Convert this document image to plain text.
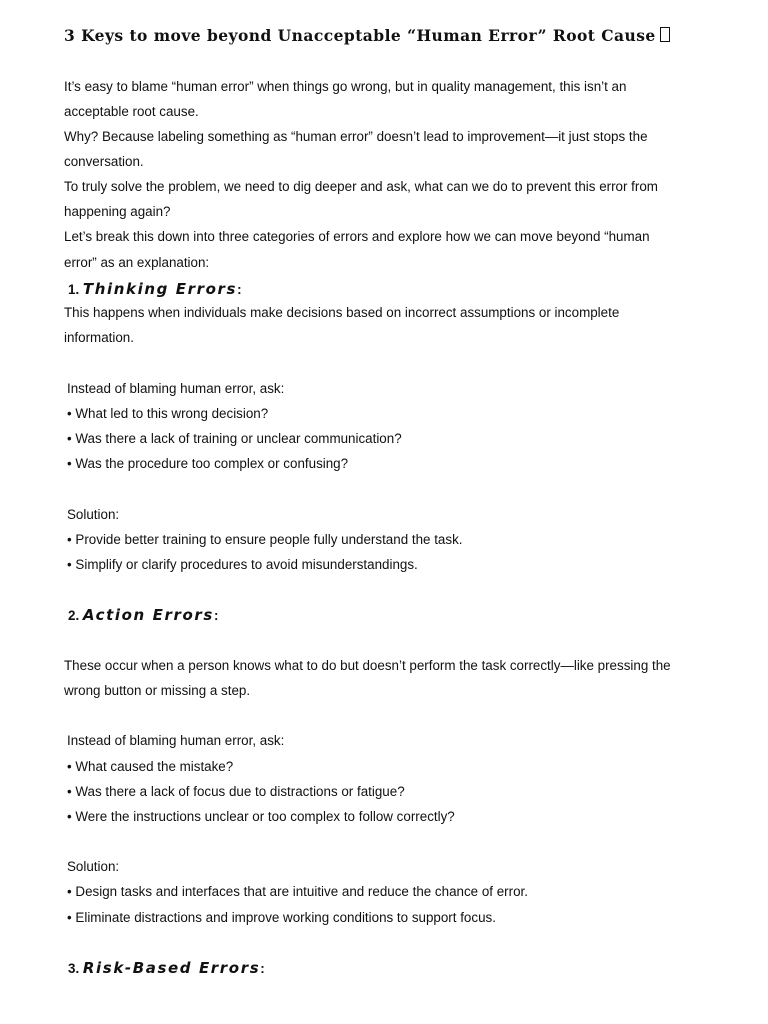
3 Keys to move beyond Unacceptable “Human Error” Root Cause

It’s easy to blame “human error” when things go wrong, but in quality management, this isn’t an

acceptable root cause.

Why? Because labeling something as “human error” doesn’t lead to improvement—it just stops the

conversation.

To truly solve the problem, we need to dig deeper and ask, what can we do to prevent this error from

happening again?

Let’s break this down into three categories of errors and explore how we can move beyond “human

error” as an explanation:

1. Thinking Errors:

This happens when individuals make decisions based on incorrect assumptions or incomplete

information.

Instead of blaming human error, ask:

• What led to this wrong decision?

• Was there a lack of training or unclear communication?

• Was the procedure too complex or confusing?

Solution:

• Provide better training to ensure people fully understand the task.

• Simplify or clarify procedures to avoid misunderstandings.

2. Action Errors:

These occur when a person knows what to do but doesn’t perform the task correctly—like pressing the

wrong button or missing a step.

Instead of blaming human error, ask:

• What caused the mistake?

• Was there a lack of focus due to distractions or fatigue?

• Were the instructions unclear or too complex to follow correctly?

Solution:

• Design tasks and interfaces that are intuitive and reduce the chance of error.

• Eliminate distractions and improve working conditions to support focus.

3. Risk-Based Errors:
